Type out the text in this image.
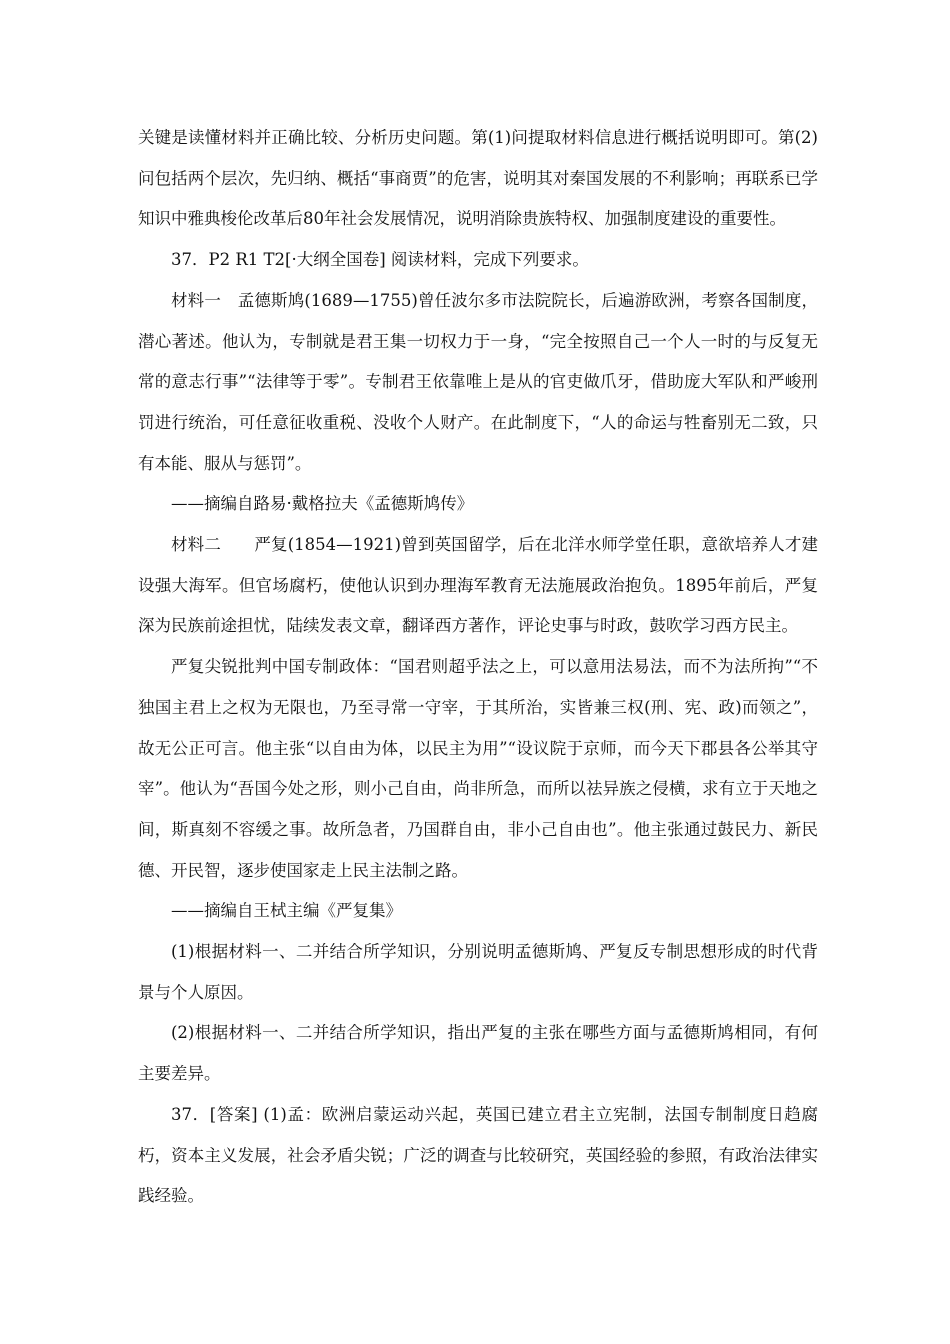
关键是读懂材料并正确比较、分析历史问题。第(1)问提取材料信息进行概括说明即可。第(2)问包括两个层次，先归纳、概括“事商贾”的危害，说明其对秦国发展的不利影响；再联系已学知识中雅典梭伦改革后80年社会发展情况，说明消除贵族特权、加强制度建设的重要性。

37．P2 R1 T2[·大纲全国卷] 阅读材料，完成下列要求。

材料一　孟德斯鸠(1689—1755)曾任波尔多市法院院长，后遍游欧洲，考察各国制度，潜心著述。他认为，专制就是君王集一切权力于一身，“完全按照自己一个人一时的与反复无常的意志行事”“法律等于零”。专制君王依靠唯上是从的官吏做爪牙，借助庞大军队和严峻刑罚进行统治，可任意征收重税、没收个人财产。在此制度下，“人的命运与牲畜别无二致，只有本能、服从与惩罚”。

——摘编自路易·戴格拉夫《孟德斯鸠传》

材料二　　严复(1854—1921)曾到英国留学，后在北洋水师学堂任职，意欲培养人才建设强大海军。但官场腐朽，使他认识到办理海军教育无法施展政治抱负。1895年前后，严复深为民族前途担忧，陆续发表文章，翻译西方著作，评论史事与时政，鼓吹学习西方民主。

严复尖锐批判中国专制政体：“国君则超乎法之上，可以意用法易法，而不为法所拘”“不独国主君上之权为无限也，乃至寻常一守宰，于其所治，实皆兼三权(刑、宪、政)而领之”，故无公正可言。他主张“以自由为体，以民主为用”“设议院于京师，而今天下郡县各公举其守宰”。他认为“吾国今处之形，则小己自由，尚非所急，而所以祛异族之侵横，求有立于天地之间，斯真刻不容缓之事。故所急者，乃国群自由，非小己自由也”。他主张通过鼓民力、新民德、开民智，逐步使国家走上民主法制之路。

——摘编自王栻主编《严复集》

(1)根据材料一、二并结合所学知识，分别说明孟德斯鸠、严复反专制思想形成的时代背景与个人原因。

(2)根据材料一、二并结合所学知识，指出严复的主张在哪些方面与孟德斯鸠相同，有何主要差异。

37．[答案] (1)孟：欧洲启蒙运动兴起，英国已建立君主立宪制，法国专制制度日趋腐朽，资本主义发展，社会矛盾尖锐；广泛的调查与比较研究，英国经验的参照，有政治法律实践经验。
